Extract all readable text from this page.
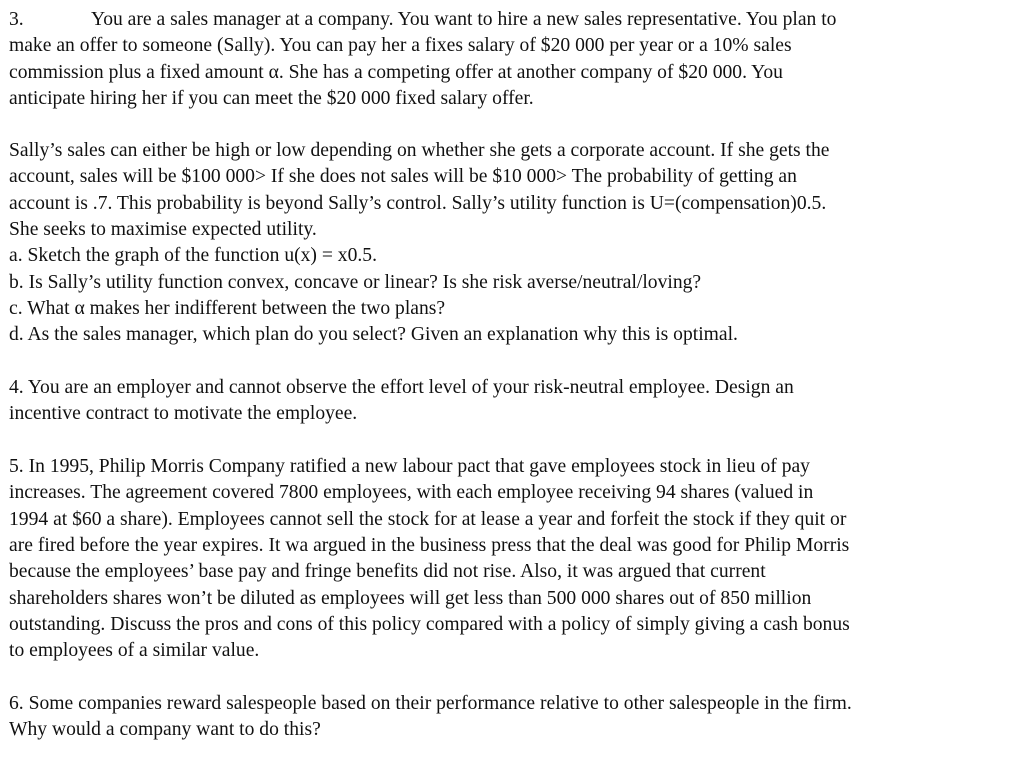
3.	You are a sales manager at a company. You want to hire a new sales representative. You plan to
make an offer to someone (Sally). You can pay her a fixes salary of $20 000 per year or a 10% sales
commission plus a fixed amount α. She has a competing offer at another company of $20 000. You
anticipate hiring her if you can meet the $20 000 fixed salary offer.
Sally’s sales can either be high or low depending on whether she gets a corporate account. If she gets the
account, sales will be $100 000> If she does not sales will be $10 000> The probability of getting an
account is .7. This probability is beyond Sally’s control. Sally’s utility function is U=(compensation)0.5.
She seeks to maximise expected utility.
a. Sketch the graph of the function u(x) = x0.5.
b. Is Sally’s utility function convex, concave or linear? Is she risk averse/neutral/loving?
c. What α makes her indifferent between the two plans?
d. As the sales manager, which plan do you select? Given an explanation why this is optimal.
4. You are an employer and cannot observe the effort level of your risk-neutral employee. Design an
incentive contract to motivate the employee.
5. In 1995, Philip Morris Company ratified a new labour pact that gave employees stock in lieu of pay
increases. The agreement covered 7800 employees, with each employee receiving 94 shares (valued in
1994 at $60 a share). Employees cannot sell the stock for at lease a year and forfeit the stock if they quit or
are fired before the year expires. It wa argued in the business press that the deal was good for Philip Morris
because the employees’ base pay and fringe benefits did not rise. Also, it was argued that current
shareholders shares won’t be diluted as employees will get less than 500 000 shares out of 850 million
outstanding. Discuss the pros and cons of this policy compared with a policy of simply giving a cash bonus
to employees of a similar value.
6. Some companies reward salespeople based on their performance relative to other salespeople in the firm.
Why would a company want to do this?
